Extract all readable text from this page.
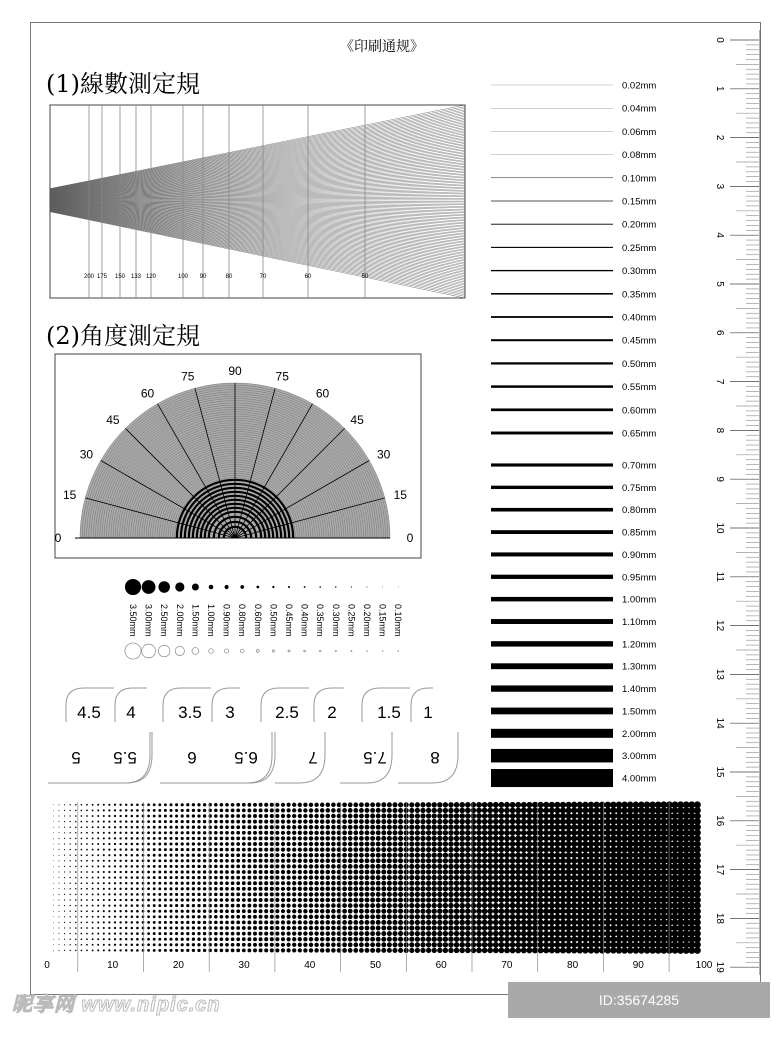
《印刷通规》
(1)線數測定規
(2)角度測定規
200 175 150 133 120	100 90	80	70	60	50
0
0
15
15
30
30
45
45
60
60
75
75	90
0.02mm
0.04mm
0.06mm
0.08mm
0.10mm
0.15mm
0.20mm
0.25mm
0.30mm
0.35mm
0.40mm
0.45mm
0.50mm
0.55mm
0.60mm
0.65mm
0.70mm
0.75mm
0.80mm
0.85mm
0.90mm
0.95mm
1.00mm
1.10mm
1.20mm
1.30mm
1.40mm
1.50mm
2.00mm
3.00mm
4.00mm
3.50mm 3.00mm 2.50mm 2.00mm 1.50mm 1.00mm 0.90mm 0.80mm 0.60mm 0.50mm 0.45mm 0.40mm 0.35mm 0.30mm 0.25mm 0.20mm 0.15mm 0.10mm
4.5 4 3.5 3 2.5 2 1.5 1
5 5.5	6 6.5	7	7.5	8
0	10	20	30	40	50	60	70	80	90	100
0
1
2
3
4
5
6
7
8
9
10
11
12
13
14
15
16
17
18
19
昵享网 www.nipic.cn	ID:35674285 NO:20250526140824461106
